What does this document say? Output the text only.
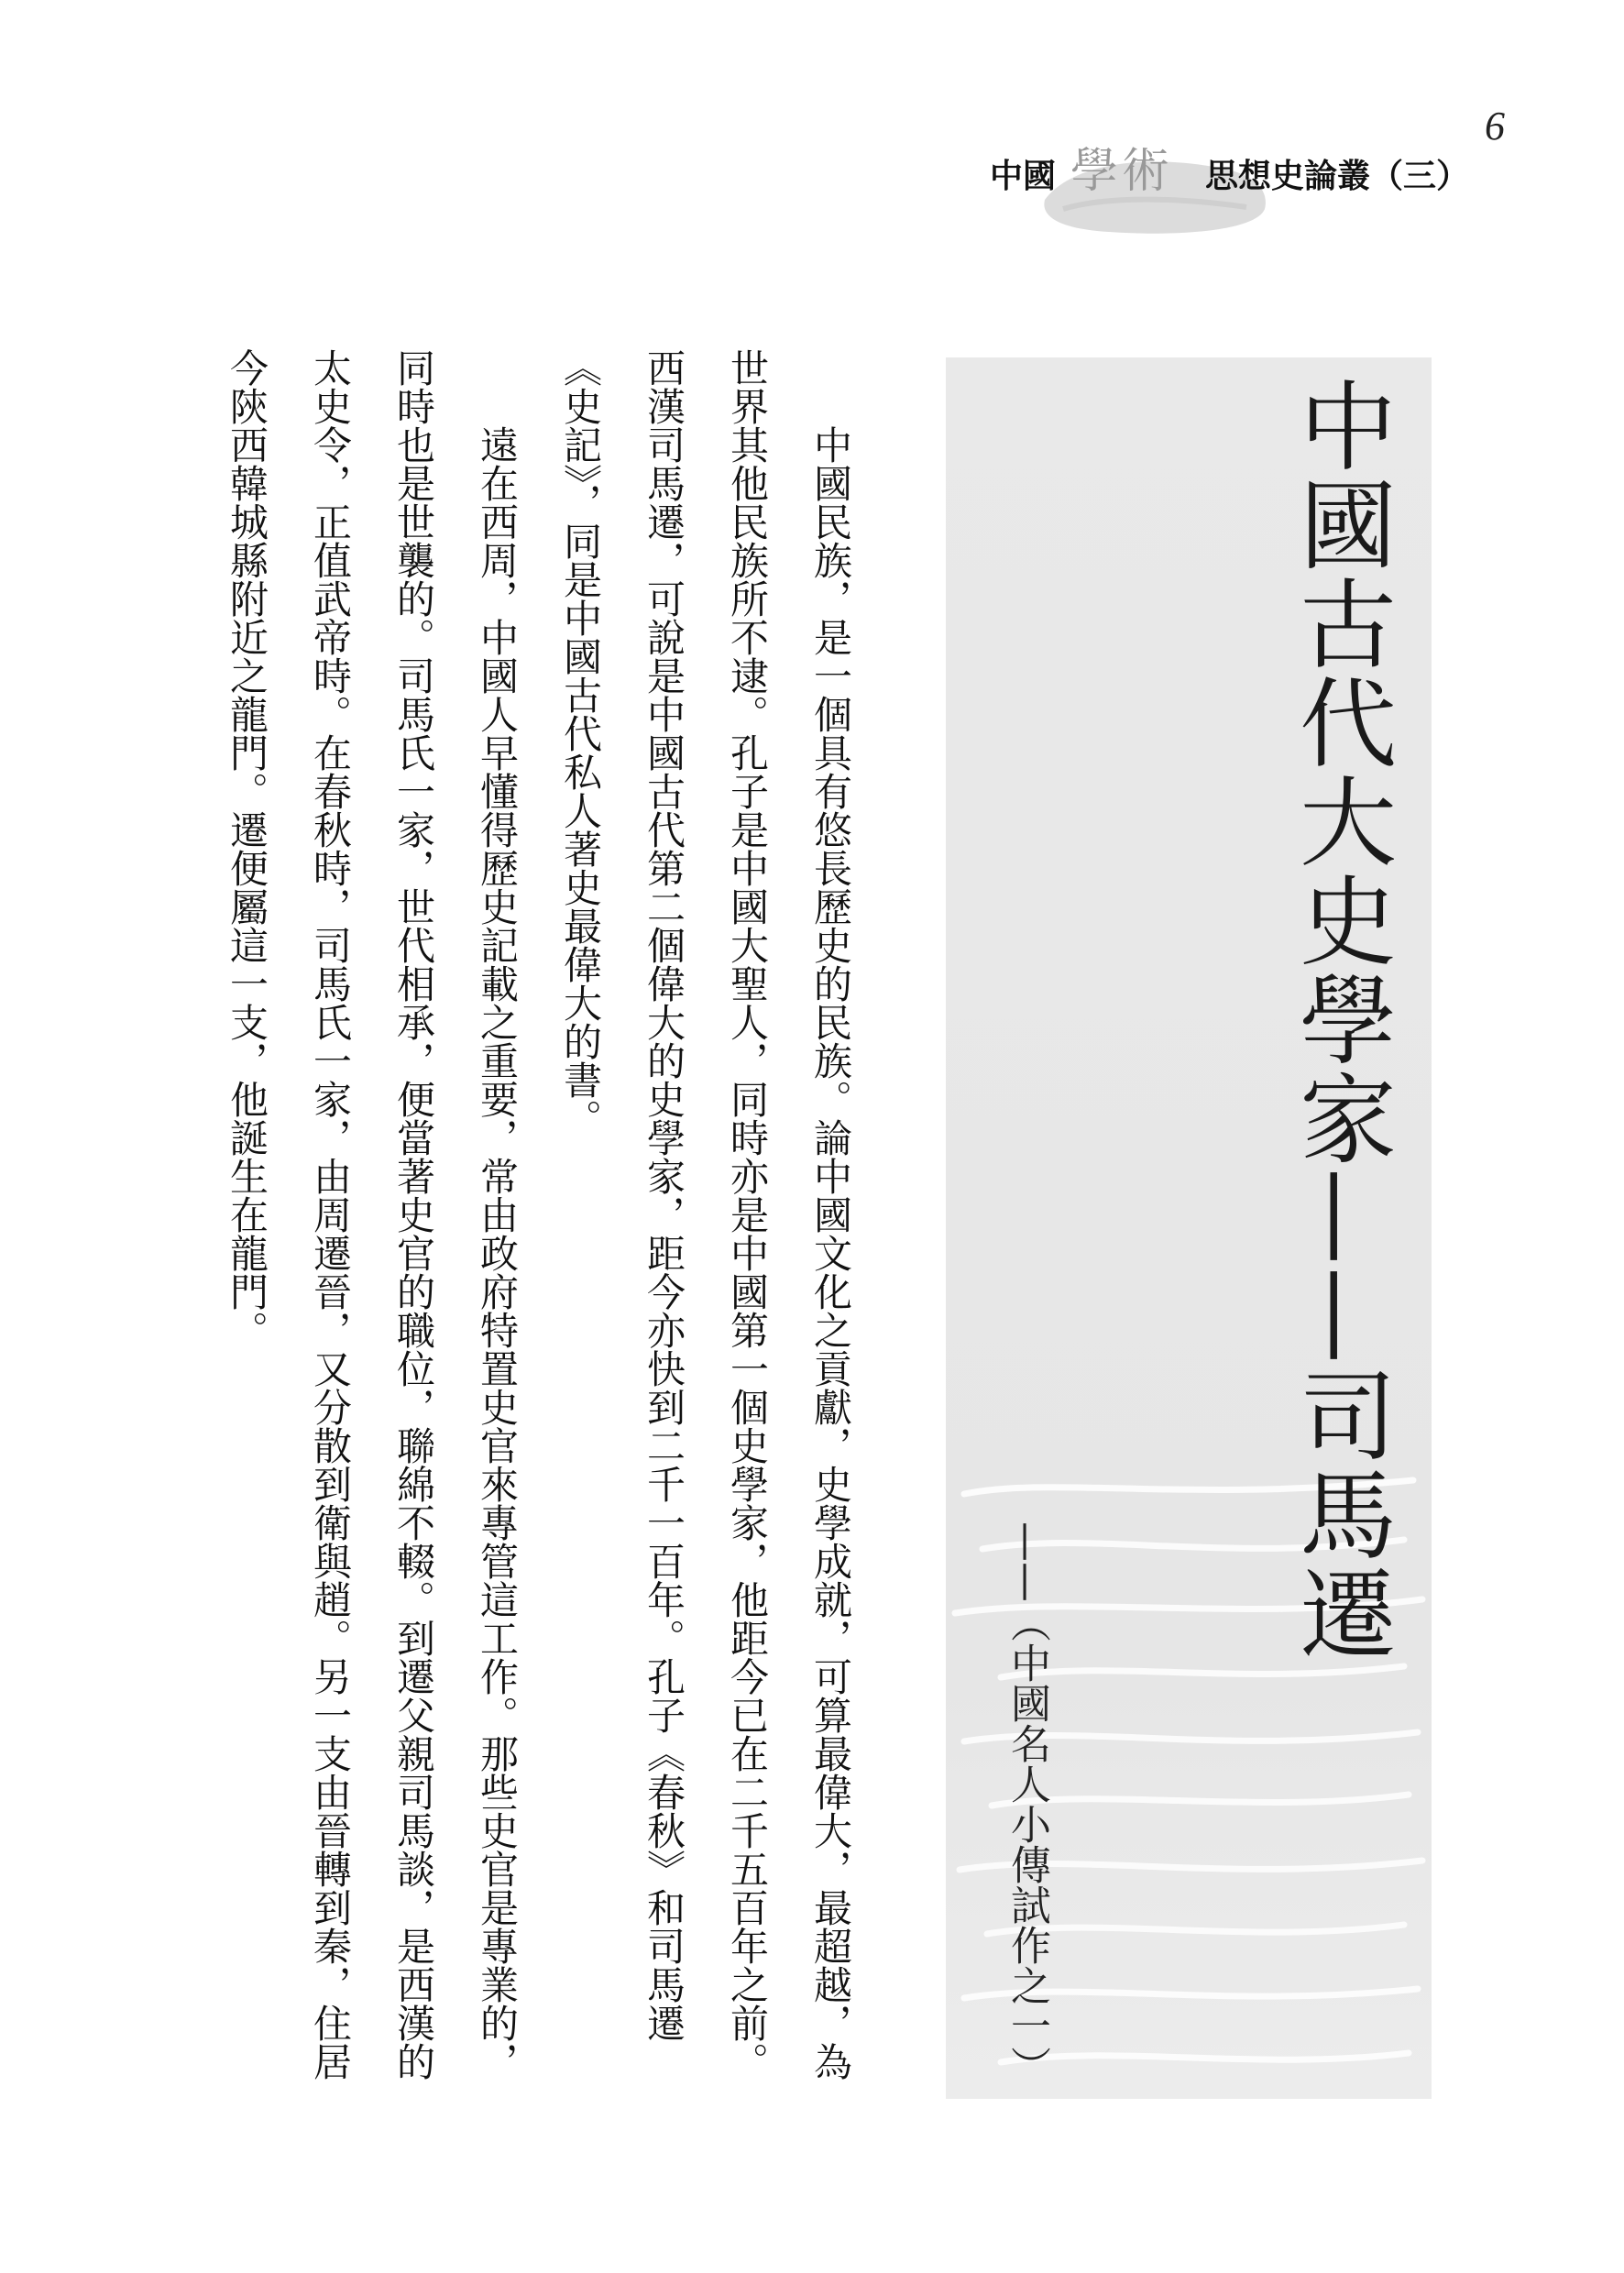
6
中國 學術 思想史論叢（三）
中國古代大史學家——司馬遷
——（中國名人小傳試作之一）

中國民族，是一個具有悠長歷史的民族。論中國文化之貢獻，史學成就，可算最偉大，最超越，為世界其他民族所不逮。孔子是中國大聖人，同時亦是中國第一個史學家，他距今已在二千五百年之前。西漢司馬遷，可說是中國古代第二個偉大的史學家，距今亦快到二千一百年。孔子《春秋》和司馬遷《史記》，同是中國古代私人著史最偉大的書。

遠在西周，中國人早懂得歷史記載之重要，常由政府特置史官來專管這工作。那些史官是專業的，同時也是世襲的。司馬氏一家，世代相承，便當著史官的職位，聯綿不輟。到遷父親司馬談，是西漢的太史令，正值武帝時。在春秋時，司馬氏一家，由周遷晉，又分散到衛與趙。另一支由晉轉到秦，住居今陝西韓城縣附近之龍門。遷便屬這一支，他誕生在龍門。
